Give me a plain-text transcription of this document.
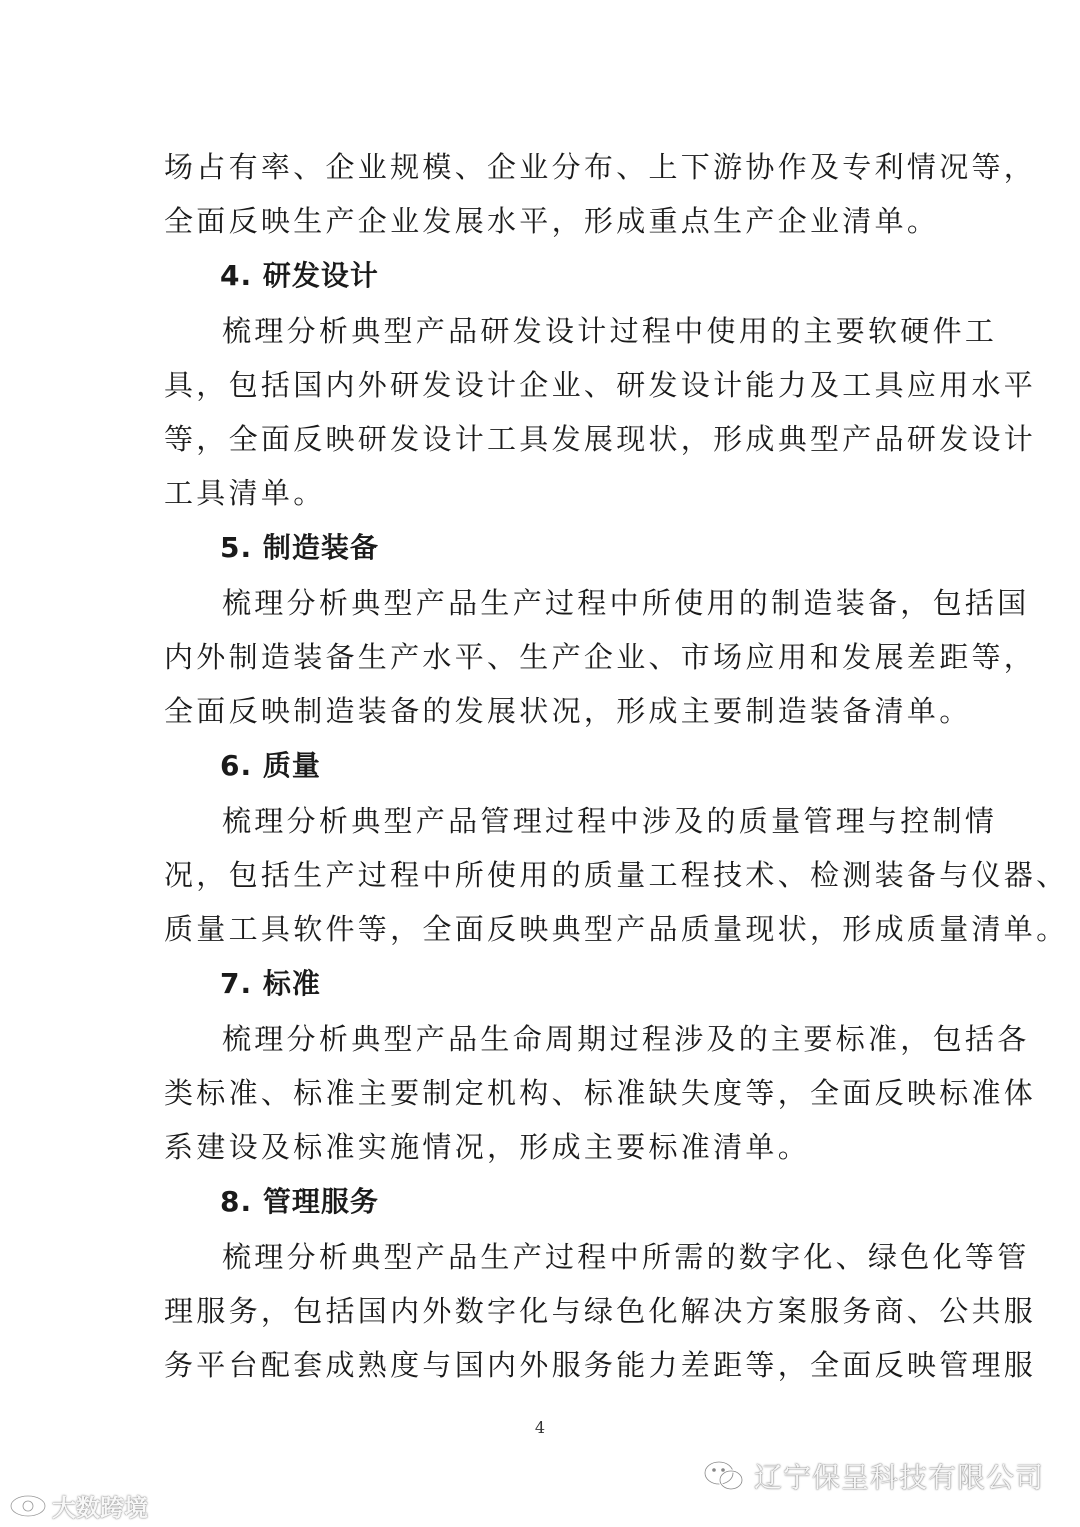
场占有率、企业规模、企业分布、上下游协作及专利情况等，
全面反映生产企业发展水平，形成重点生产企业清单。
4. 研发设计
梳理分析典型产品研发设计过程中使用的主要软硬件工
具，包括国内外研发设计企业、研发设计能力及工具应用水平
等，全面反映研发设计工具发展现状，形成典型产品研发设计
工具清单。
5. 制造装备
梳理分析典型产品生产过程中所使用的制造装备，包括国
内外制造装备生产水平、生产企业、市场应用和发展差距等，
全面反映制造装备的发展状况，形成主要制造装备清单。
6. 质量
梳理分析典型产品管理过程中涉及的质量管理与控制情
况，包括生产过程中所使用的质量工程技术、检测装备与仪器、
质量工具软件等，全面反映典型产品质量现状，形成质量清单。
7. 标准
梳理分析典型产品生命周期过程涉及的主要标准，包括各
类标准、标准主要制定机构、标准缺失度等，全面反映标准体
系建设及标准实施情况，形成主要标准清单。
8. 管理服务
梳理分析典型产品生产过程中所需的数字化、绿色化等管
理服务，包括国内外数字化与绿色化解决方案服务商、公共服
务平台配套成熟度与国内外服务能力差距等，全面反映管理服
4
大数跨境
辽宁保呈科技有限公司
